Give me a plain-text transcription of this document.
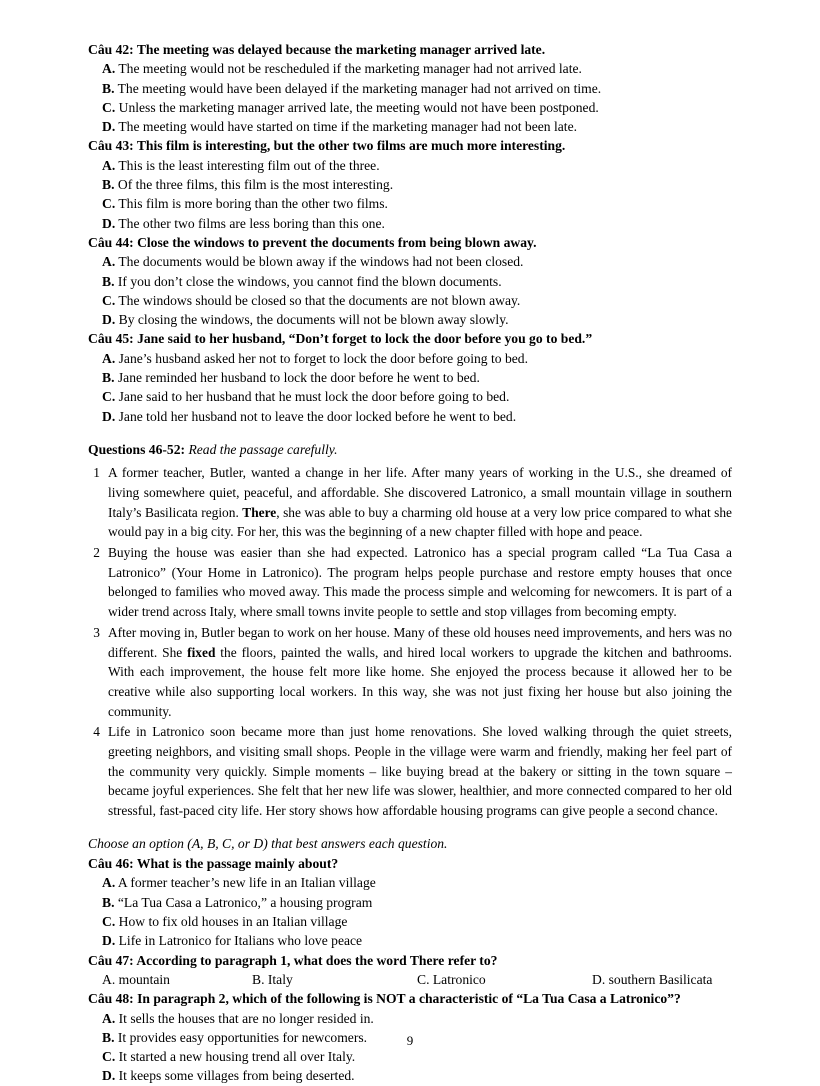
Câu 42: The meeting was delayed because the marketing manager arrived late.
A. The meeting would not be rescheduled if the marketing manager had not arrived late.
B. The meeting would have been delayed if the marketing manager had not arrived on time.
C. Unless the marketing manager arrived late, the meeting would not have been postponed.
D. The meeting would have started on time if the marketing manager had not been late.
Câu 43: This film is interesting, but the other two films are much more interesting.
A. This is the least interesting film out of the three.
B. Of the three films, this film is the most interesting.
C. This film is more boring than the other two films.
D. The other two films are less boring than this one.
Câu 44: Close the windows to prevent the documents from being blown away.
A. The documents would be blown away if the windows had not been closed.
B. If you don’t close the windows, you cannot find the blown documents.
C. The windows should be closed so that the documents are not blown away.
D. By closing the windows, the documents will not be blown away slowly.
Câu 45: Jane said to her husband, “Don’t forget to lock the door before you go to bed.”
A. Jane’s husband asked her not to forget to lock the door before going to bed.
B. Jane reminded her husband to lock the door before he went to bed.
C. Jane said to her husband that he must lock the door before going to bed.
D. Jane told her husband not to leave the door locked before he went to bed.
Questions 46-52: Read the passage carefully.
1 A former teacher, Butler, wanted a change in her life. After many years of working in the U.S., she dreamed of living somewhere quiet, peaceful, and affordable. She discovered Latronico, a small mountain village in southern Italy’s Basilicata region. There, she was able to buy a charming old house at a very low price compared to what she would pay in a big city. For her, this was the beginning of a new chapter filled with hope and peace.
2 Buying the house was easier than she had expected. Latronico has a special program called “La Tua Casa a Latronico” (Your Home in Latronico). The program helps people purchase and restore empty houses that once belonged to families who moved away. This made the process simple and welcoming for newcomers. It is part of a wider trend across Italy, where small towns invite people to settle and stop villages from becoming empty.
3 After moving in, Butler began to work on her house. Many of these old houses need improvements, and hers was no different. She fixed the floors, painted the walls, and hired local workers to upgrade the kitchen and bathrooms. With each improvement, the house felt more like home. She enjoyed the process because it allowed her to be creative while also supporting local workers. In this way, she was not just fixing her house but also joining the community.
4 Life in Latronico soon became more than just home renovations. She loved walking through the quiet streets, greeting neighbors, and visiting small shops. People in the village were warm and friendly, making her feel part of the community very quickly. Simple moments – like buying bread at the bakery or sitting in the town square – became joyful experiences. She felt that her new life was slower, healthier, and more connected compared to her old stressful, fast-paced city life. Her story shows how affordable housing programs can give people a second chance.
Choose an option (A, B, C, or D) that best answers each question.
Câu 46: What is the passage mainly about?
A. A former teacher’s new life in an Italian village
B. “La Tua Casa a Latronico,” a housing program
C. How to fix old houses in an Italian village
D. Life in Latronico for Italians who love peace
Câu 47: According to paragraph 1, what does the word There refer to?
A. mountain	B. Italy	C. Latronico	D. southern Basilicata
Câu 48: In paragraph 2, which of the following is NOT a characteristic of “La Tua Casa a Latronico”?
A. It sells the houses that are no longer resided in.
B. It provides easy opportunities for newcomers.
C. It started a new housing trend all over Italy.
D. It keeps some villages from being deserted.
9
